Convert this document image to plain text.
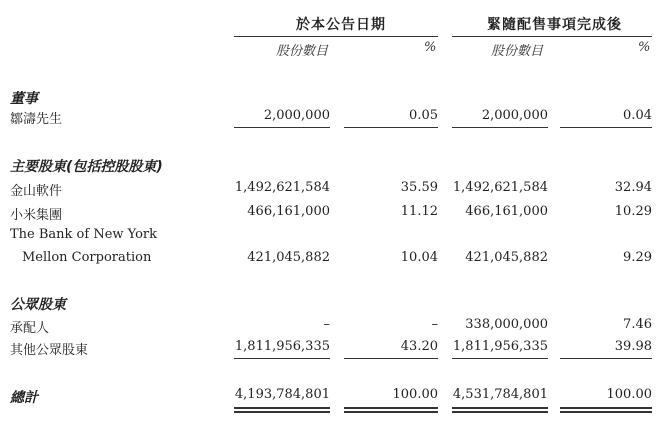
於本公告日期	緊隨配售事項完成後
股份數目	%	股份數目	%
董事
鄒濤先生	2,000,000	0.05	2,000,000	0.04
主要股東(包括控股股東)
金山軟件	1,492,621,584	35.59 1,492,621,584	32.94
小米集團	466,161,000	11.12	466,161,000	10.29
The Bank of New York
Mellon Corporation	421,045,882	10.04	421,045,882	9.29
公眾股東
承配人	–	–	338,000,000	7.46
其他公眾股東	1,811,956,335	43.20 1,811,956,335	39.98
總計	4,193,784,801	100.00 4,531,784,801	100.00
